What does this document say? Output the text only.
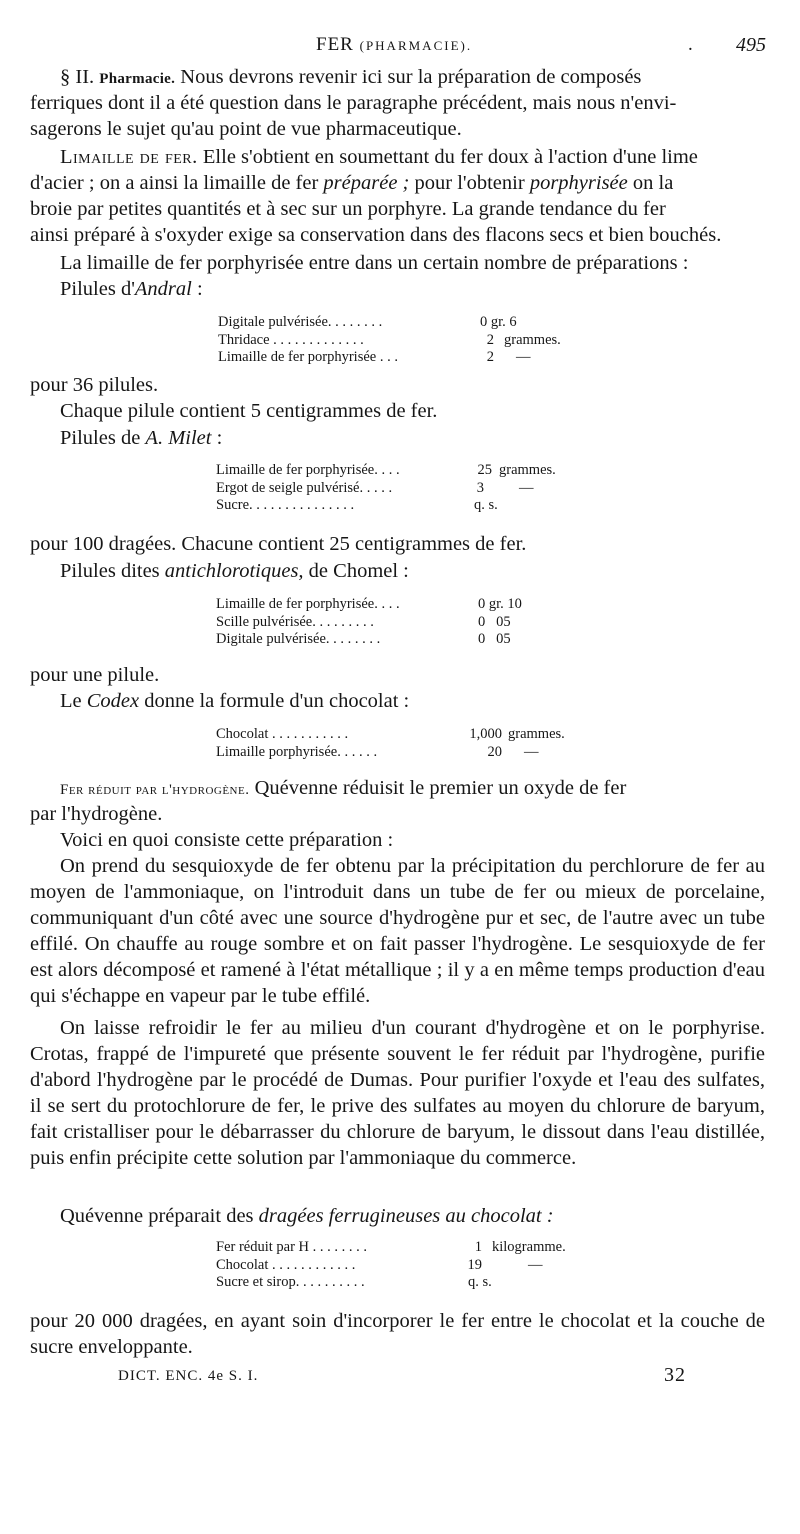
FER (PHARMACIE).	. 495
§ II. Pharmacie. Nous devrons revenir ici sur la préparation de composés
ferriques dont il a été question dans le paragraphe précédent, mais nous n'envi-
sagerons le sujet qu'au point de vue pharmaceutique.
Limaille de fer. Elle s'obtient en soumettant du fer doux à l'action d'une lime
d'acier ; on a ainsi la limaille de fer préparée ; pour l'obtenir porphyrisée on la
broie par petites quantités et à sec sur un porphyre. La grande tendance du fer
ainsi préparé à s'oxyder exige sa conservation dans des flacons secs et bien bouchés.
La limaille de fer porphyrisée entre dans un certain nombre de préparations :
Pilules d'Andral :
Digitale pulvérisée. . . . . . . .	0 gr. 6
Thridace . . . . . . . . . . . . .	2 grammes.
Limaille de fer porphyrisée . . .	2 —
pour 36 pilules.
Chaque pilule contient 5 centigrammes de fer.
Pilules de A. Milet :
Limaille de fer porphyrisée. . . .	25 grammes.
Ergot de seigle pulvérisé. . . . .	3 —
Sucre. . . . . . . . . . . . . . .	q. s.
pour 100 dragées. Chacune contient 25 centigrammes de fer.
Pilules dites antichlorotiques, de Chomel :
Limaille de fer porphyrisée. . . .	0 gr. 10
Scille pulvérisée. . . . . . . . .	0   05
Digitale pulvérisée. . . . . . . .	0   05
pour une pilule.
Le Codex donne la formule d'un chocolat :
Chocolat . . . . . . . . . . .	1,000 grammes.
Limaille porphyrisée. . . . . .	20 —
Fer réduit par l'hydrogène. Quévenne réduisit le premier un oxyde de fer
par l'hydrogène.
Voici en quoi consiste cette préparation :
On prend du sesquioxyde de fer obtenu par la précipitation du perchlorure de fer au moyen de l'ammoniaque, on l'introduit dans un tube de fer ou mieux de porcelaine, communiquant d'un côté avec une source d'hydrogène pur et sec, de l'autre avec un tube effilé. On chauffe au rouge sombre et on fait passer l'hydrogène. Le sesquioxyde de fer est alors décomposé et ramené à l'état métallique ; il y a en même temps production d'eau qui s'échappe en vapeur par le tube effilé.
On laisse refroidir le fer au milieu d'un courant d'hydrogène et on le porphyrise. Crotas, frappé de l'impureté que présente souvent le fer réduit par l'hydrogène, purifie d'abord l'hydrogène par le procédé de Dumas. Pour purifier l'oxyde et l'eau des sulfates, il se sert du protochlorure de fer, le prive des sulfates au moyen du chlorure de baryum, fait cristalliser pour le débarrasser du chlorure de baryum, le dissout dans l'eau distillée, puis enfin précipite cette solution par l'ammoniaque du commerce.
Quévenne préparait des dragées ferrugineuses au chocolat :
Fer réduit par H . . . . . . . .	1 kilogramme.
Chocolat . . . . . . . . . . . .	19	—
Sucre et sirop. . . . . . . . . .	q. s.
pour 20 000 dragées, en ayant soin d'incorporer le fer entre le chocolat et la couche de sucre enveloppante.
DICT. ENC. 4e S. I.	32
